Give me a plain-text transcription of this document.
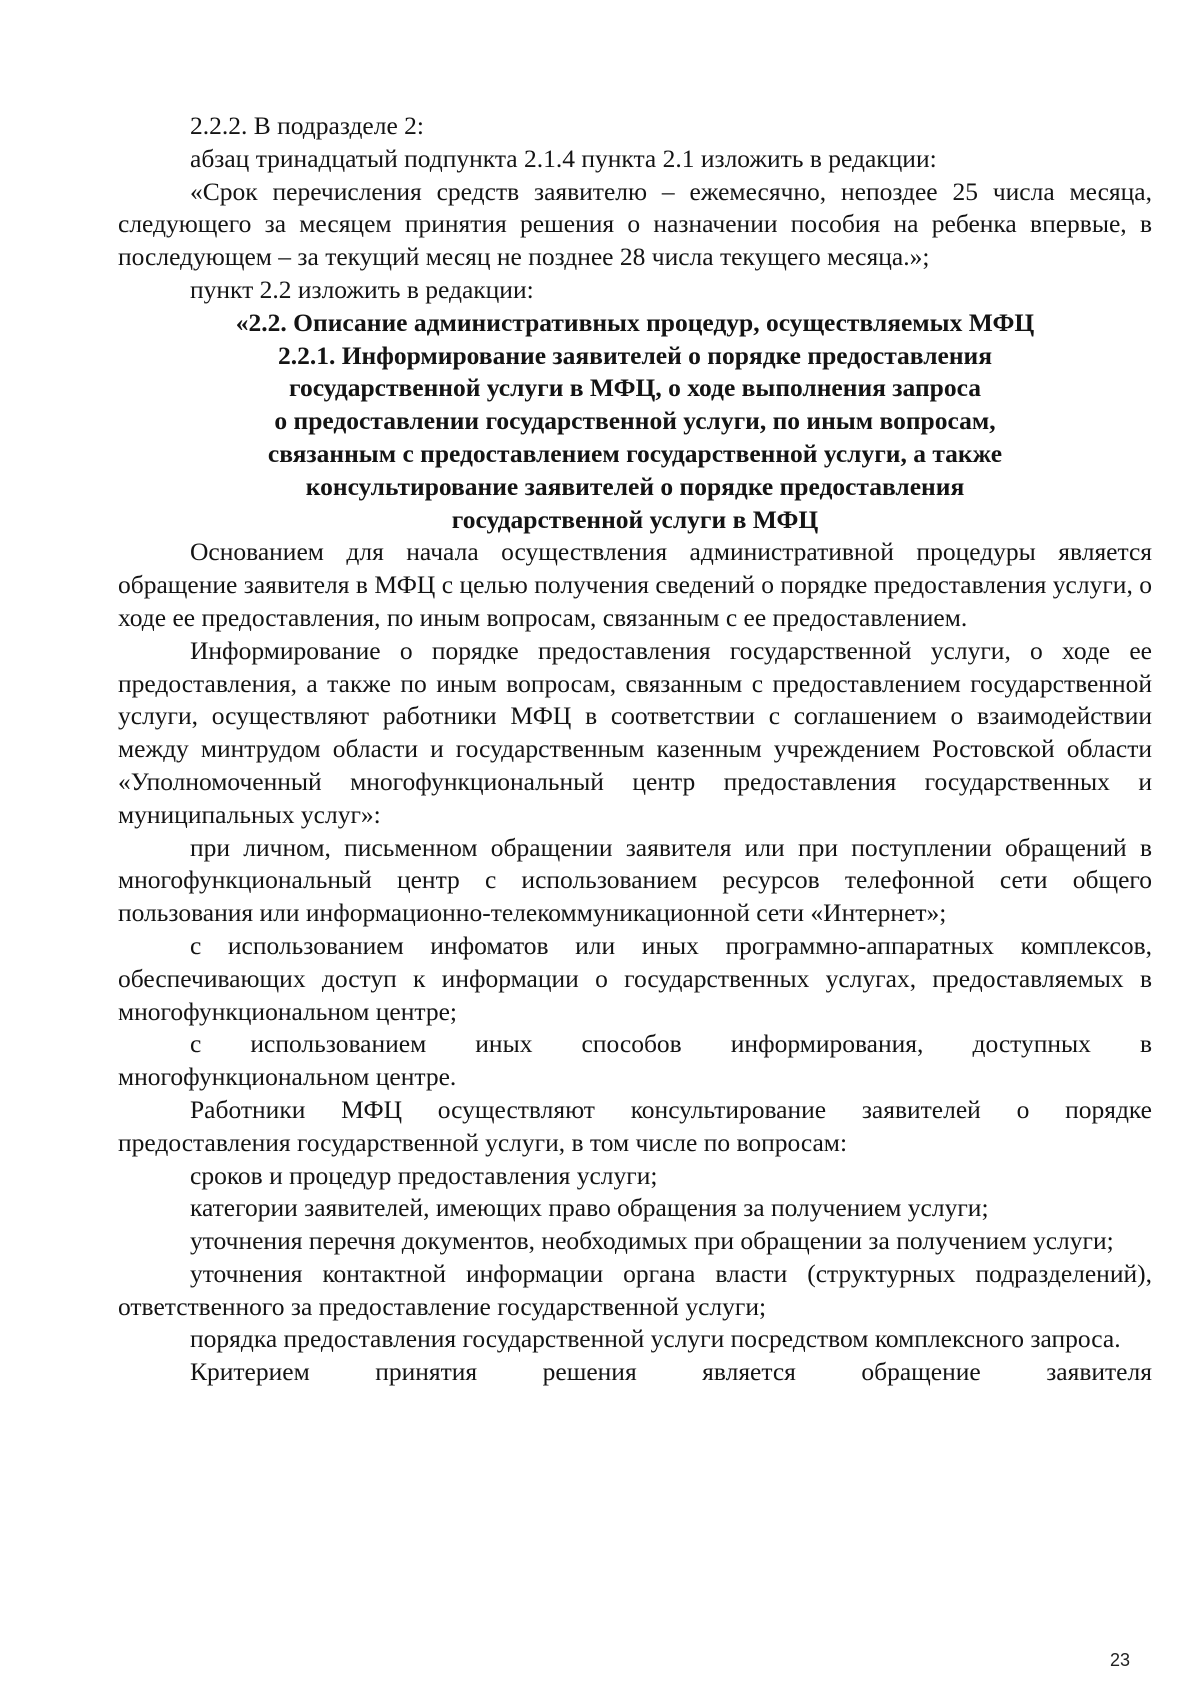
2.2.2. В подразделе 2:

абзац тринадцатый подпункта 2.1.4 пункта 2.1 изложить в редакции:

«Срок перечисления средств заявителю – ежемесячно, непоздее 25 числа месяца, следующего за месяцем принятия решения о назначении пособия на ребенка впервые, в последующем – за текущий месяц не позднее 28 числа текущего месяца.»;

пункт 2.2 изложить в редакции:

«2.2. Описание административных процедур, осуществляемых МФЦ

2.2.1. Информирование заявителей о порядке предоставления

государственной услуги в МФЦ, о ходе выполнения запроса

о предоставлении государственной услуги, по иным вопросам,

связанным с предоставлением государственной услуги, а также

консультирование заявителей о порядке предоставления

государственной услуги в МФЦ

Основанием для начала осуществления административной процедуры является обращение заявителя в МФЦ с целью получения сведений о порядке предоставления услуги, о ходе ее предоставления, по иным вопросам, связанным с ее предоставлением.

Информирование о порядке предоставления государственной услуги, о ходе ее предоставления, а также по иным вопросам, связанным с предоставлением государственной услуги, осуществляют работники МФЦ в соответствии с соглашением о взаимодействии между минтрудом области и государственным казенным учреждением Ростовской области «Уполномоченный многофункциональный центр предоставления государственных и муниципальных услуг»:

при личном, письменном обращении заявителя или при поступлении обращений в многофункциональный центр с использованием ресурсов телефонной сети общего пользования или информационно-телекоммуникационной сети «Интернет»;

с использованием инфоматов или иных программно-аппаратных комплексов, обеспечивающих доступ к информации о государственных услугах, предоставляемых в многофункциональном центре;

с использованием иных способов информирования, доступных в многофункциональном центре.

Работники МФЦ осуществляют консультирование заявителей о порядке предоставления государственной услуги, в том числе по вопросам:

сроков и процедур предоставления услуги;

категории заявителей, имеющих право обращения за получением услуги;

уточнения перечня документов, необходимых при обращении за получением услуги;

уточнения контактной информации органа власти (структурных подразделений), ответственного за предоставление государственной услуги;

порядка предоставления государственной услуги посредством комплексного запроса.

Критерием	принятия	решения	является	обращение	заявителя

23
